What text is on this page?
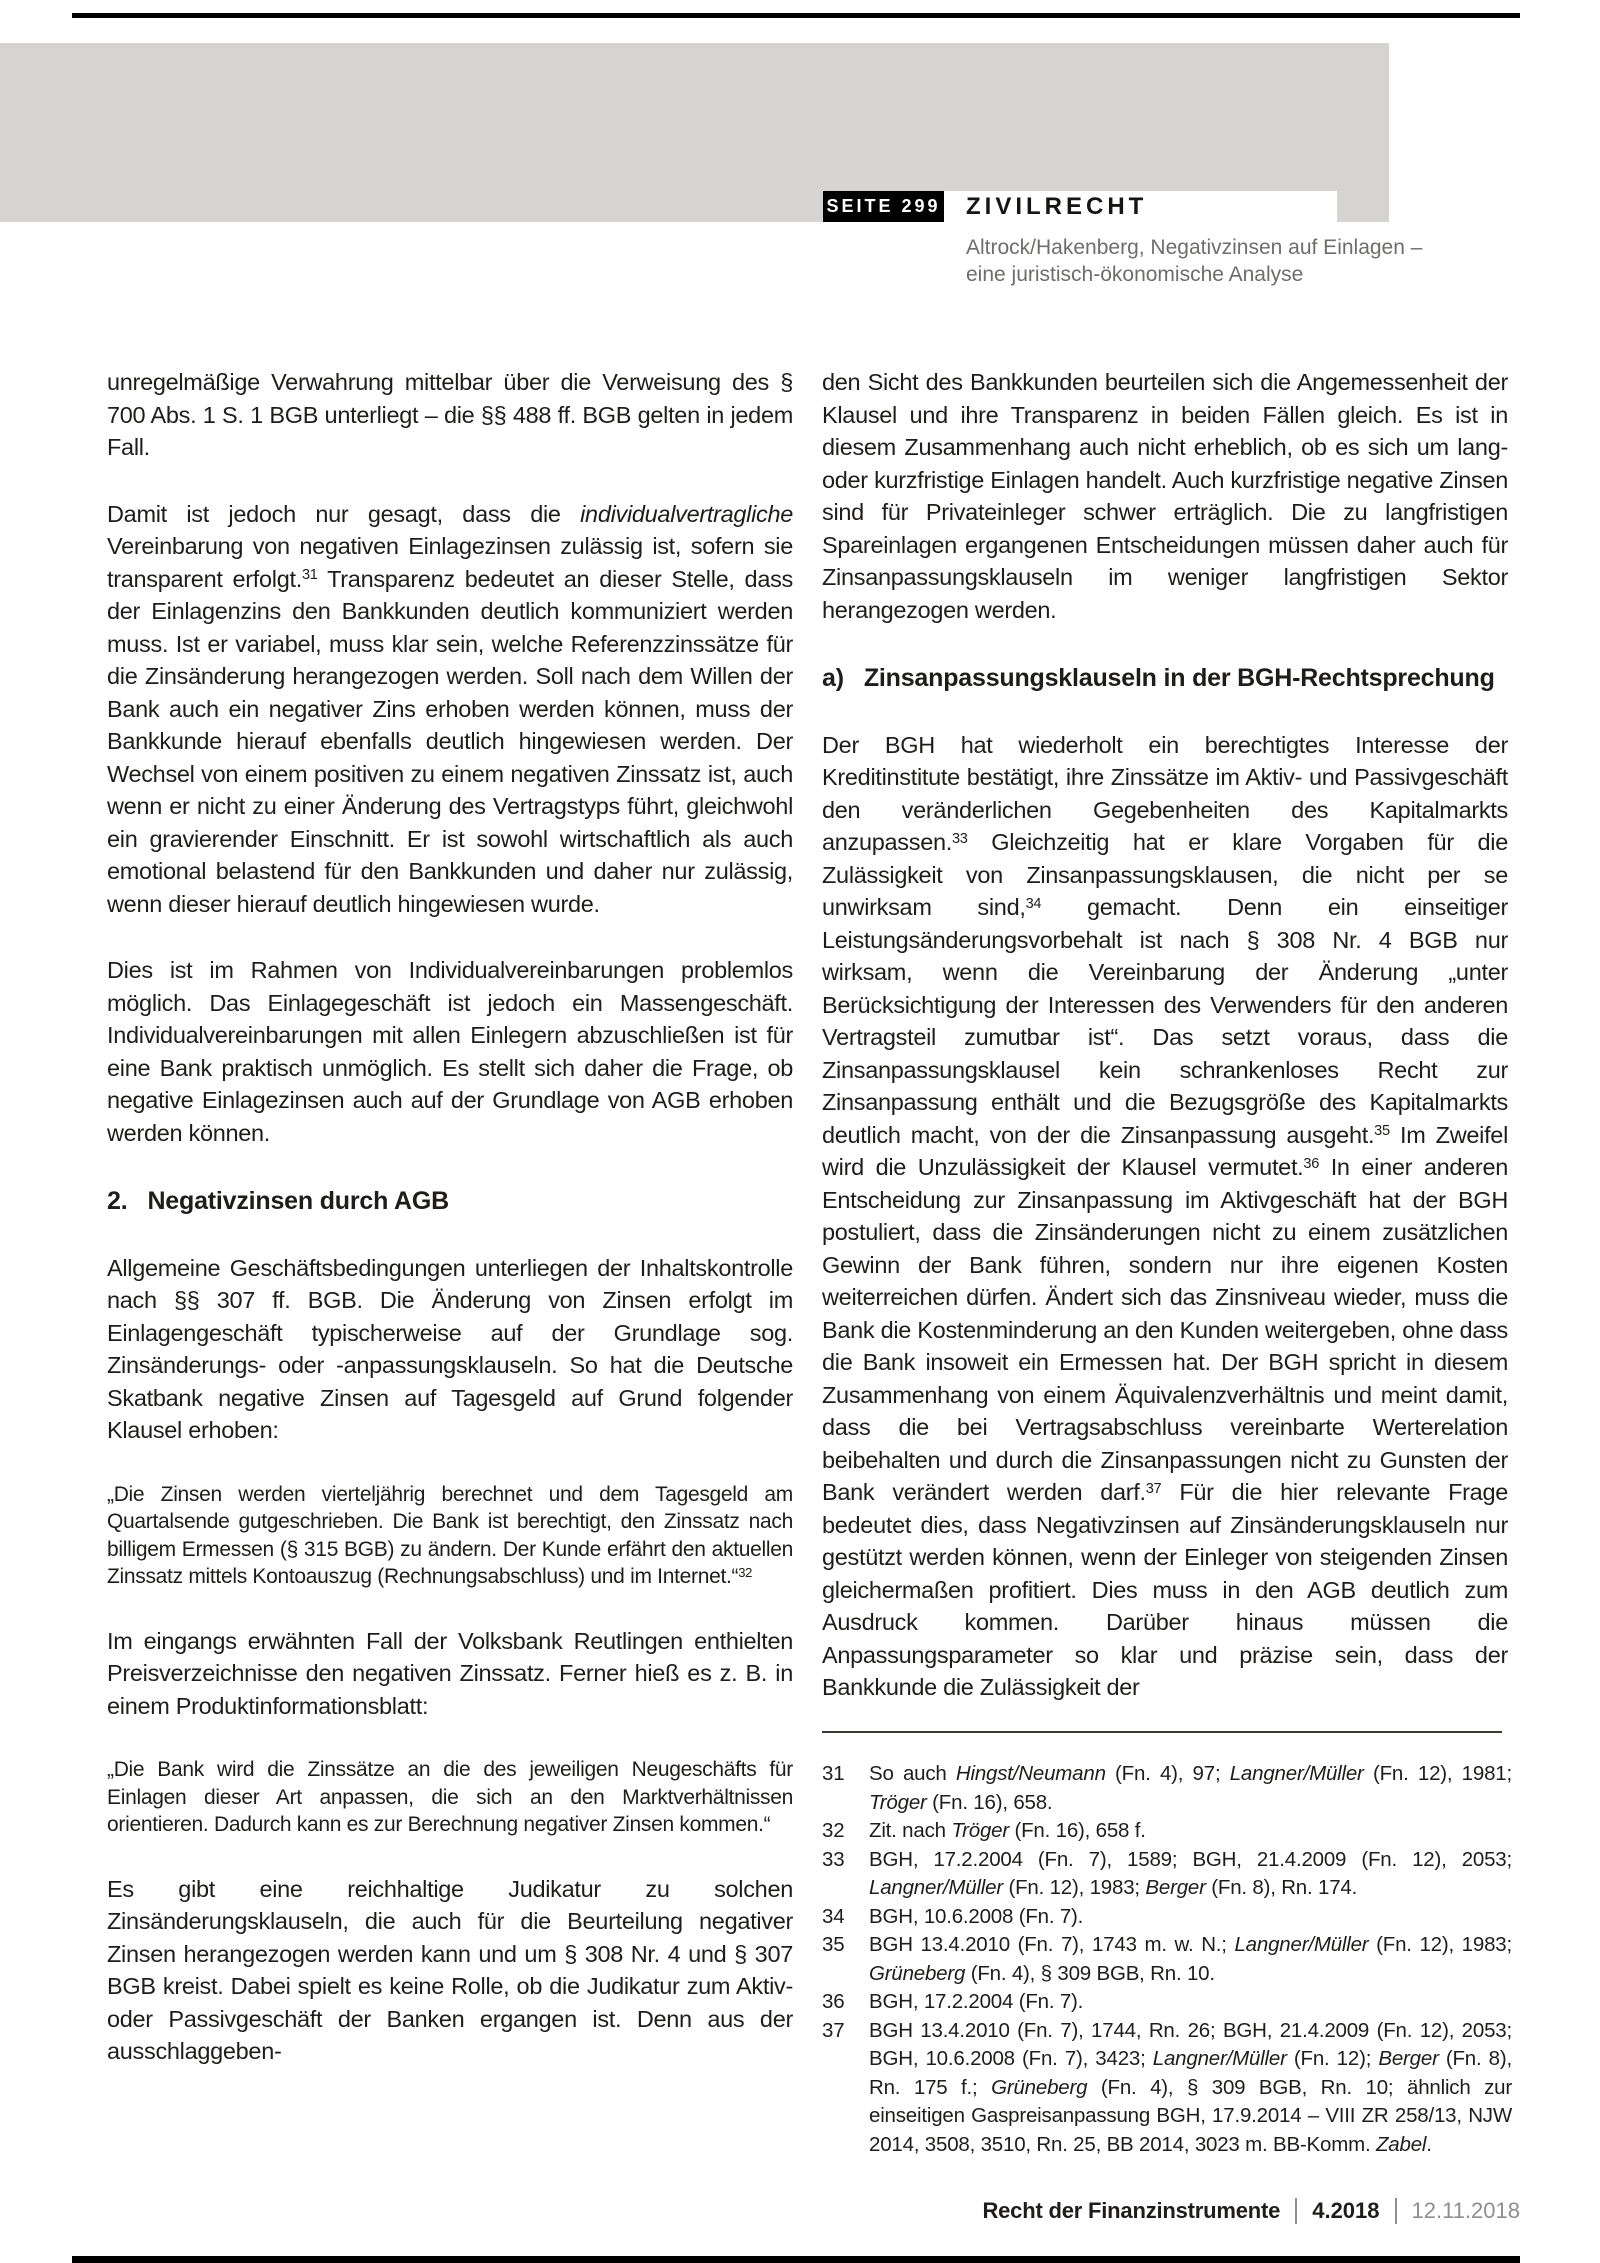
SEITE 299 ZIVILRECHT
Altrock/Hakenberg, Negativzinsen auf Einlagen –
eine juristisch-ökonomische Analyse

unregelmäßige Verwahrung mittelbar über die Verweisung des § 700 Abs. 1 S. 1 BGB unterliegt – die §§ 488 ff. BGB gelten in jedem Fall.

Damit ist jedoch nur gesagt, dass die individualvertragliche Vereinbarung von negativen Einlagezinsen zulässig ist, sofern sie transparent erfolgt.$^{31}$ Transparenz bedeutet an dieser Stelle, dass der Einlagenzins den Bankkunden deutlich kommuniziert werden muss. Ist er variabel, muss klar sein, welche Referenzzinssätze für die Zinsänderung herangezogen werden. Soll nach dem Willen der Bank auch ein negativer Zins erhoben werden können, muss der Bankkunde hierauf ebenfalls deutlich hingewiesen werden. Der Wechsel von einem positiven zu einem negativen Zinssatz ist, auch wenn er nicht zu einer Änderung des Vertragstyps führt, gleichwohl ein gravierender Einschnitt. Er ist sowohl wirtschaftlich als auch emotional belastend für den Bankkunden und daher nur zulässig, wenn dieser hierauf deutlich hingewiesen wurde.

Dies ist im Rahmen von Individualvereinbarungen problemlos möglich. Das Einlagegeschäft ist jedoch ein Massengeschäft. Individualvereinbarungen mit allen Einlegern abzuschließen ist für eine Bank praktisch unmöglich. Es stellt sich daher die Frage, ob negative Einlagezinsen auch auf der Grundlage von AGB erhoben werden können.

2. Negativzinsen durch AGB

Allgemeine Geschäftsbedingungen unterliegen der Inhaltskontrolle nach §§ 307 ff. BGB. Die Änderung von Zinsen erfolgt im Einlagengeschäft typischerweise auf der Grundlage sog. Zinsänderungs- oder -anpassungsklauseln. So hat die Deutsche Skatbank negative Zinsen auf Tagesgeld auf Grund folgender Klausel erhoben:

„Die Zinsen werden vierteljährig berechnet und dem Tagesgeld am Quartalsende gutgeschrieben. Die Bank ist berechtigt, den Zinssatz nach billigem Ermessen (§ 315 BGB) zu ändern. Der Kunde erfährt den aktuellen Zinssatz mittels Kontoauszug (Rechnungsabschluss) und im Internet.“$^{32}$

Im eingangs erwähnten Fall der Volksbank Reutlingen enthielten Preisverzeichnisse den negativen Zinssatz. Ferner hieß es z. B. in einem Produktinformationsblatt:

„Die Bank wird die Zinssätze an die des jeweiligen Neugeschäfts für Einlagen dieser Art anpassen, die sich an den Marktverhältnissen orientieren. Dadurch kann es zur Berechnung negativer Zinsen kommen.“

Es gibt eine reichhaltige Judikatur zu solchen Zinsänderungsklauseln, die auch für die Beurteilung negativer Zinsen herangezogen werden kann und um § 308 Nr. 4 und § 307 BGB kreist. Dabei spielt es keine Rolle, ob die Judikatur zum Aktiv- oder Passivgeschäft der Banken ergangen ist. Denn aus der ausschlaggeben-

den Sicht des Bankkunden beurteilen sich die Angemessenheit der Klausel und ihre Transparenz in beiden Fällen gleich. Es ist in diesem Zusammenhang auch nicht erheblich, ob es sich um lang- oder kurzfristige Einlagen handelt. Auch kurzfristige negative Zinsen sind für Privateinleger schwer erträglich. Die zu langfristigen Spareinlagen ergangenen Entscheidungen müssen daher auch für Zinsanpassungsklauseln im weniger langfristigen Sektor herangezogen werden.

a) Zinsanpassungsklauseln in der BGH-Rechtsprechung

Der BGH hat wiederholt ein berechtigtes Interesse der Kreditinstitute bestätigt, ihre Zinssätze im Aktiv- und Passivgeschäft den veränderlichen Gegebenheiten des Kapitalmarkts anzupassen.$^{33}$ Gleichzeitig hat er klare Vorgaben für die Zulässigkeit von Zinsanpassungsklausen, die nicht per se unwirksam sind,$^{34}$ gemacht. Denn ein einseitiger Leistungsänderungsvorbehalt ist nach § 308 Nr. 4 BGB nur wirksam, wenn die Vereinbarung der Änderung „unter Berücksichtigung der Interessen des Verwenders für den anderen Vertragsteil zumutbar ist“. Das setzt voraus, dass die Zinsanpassungsklausel kein schrankenloses Recht zur Zinsanpassung enthält und die Bezugsgröße des Kapitalmarkts deutlich macht, von der die Zinsanpassung ausgeht.$^{35}$ Im Zweifel wird die Unzulässigkeit der Klausel vermutet.$^{36}$ In einer anderen Entscheidung zur Zinsanpassung im Aktivgeschäft hat der BGH postuliert, dass die Zinsänderungen nicht zu einem zusätzlichen Gewinn der Bank führen, sondern nur ihre eigenen Kosten weiterreichen dürfen. Ändert sich das Zinsniveau wieder, muss die Bank die Kostenminderung an den Kunden weitergeben, ohne dass die Bank insoweit ein Ermessen hat. Der BGH spricht in diesem Zusammenhang von einem Äquivalenzverhältnis und meint damit, dass die bei Vertragsabschluss vereinbarte Werterelation beibehalten und durch die Zinsanpassungen nicht zu Gunsten der Bank verändert werden darf.$^{37}$ Für die hier relevante Frage bedeutet dies, dass Negativzinsen auf Zinsänderungsklauseln nur gestützt werden können, wenn der Einleger von steigenden Zinsen gleichermaßen profitiert. Dies muss in den AGB deutlich zum Ausdruck kommen. Darüber hinaus müssen die Anpassungsparameter so klar und präzise sein, dass der Bankkunde die Zulässigkeit der

31	So auch Hingst/Neumann (Fn. 4), 97; Langner/Müller (Fn. 12), 1981; Tröger (Fn. 16), 658.
32	Zit. nach Tröger (Fn. 16), 658 f.
33	BGH, 17.2.2004 (Fn. 7), 1589; BGH, 21.4.2009 (Fn. 12), 2053; Langner/Müller (Fn. 12), 1983; Berger (Fn. 8), Rn. 174.
34	BGH, 10.6.2008 (Fn. 7).
35	BGH 13.4.2010 (Fn. 7), 1743 m. w. N.; Langner/Müller (Fn. 12), 1983; Grüneberg (Fn. 4), § 309 BGB, Rn. 10.
36	BGH, 17.2.2004 (Fn. 7).
37	BGH 13.4.2010 (Fn. 7), 1744, Rn. 26; BGH, 21.4.2009 (Fn. 12), 2053; BGH, 10.6.2008 (Fn. 7), 3423; Langner/Müller (Fn. 12); Berger (Fn. 8), Rn. 175 f.; Grüneberg (Fn. 4), § 309 BGB, Rn. 10; ähnlich zur einseitigen Gaspreisanpassung BGH, 17.9.2014 – VIII ZR 258/13, NJW 2014, 3508, 3510, Rn. 25, BB 2014, 3023 m. BB-Komm. Zabel.
Recht der Finanzinstrumente 4.2018 12.11.2018
